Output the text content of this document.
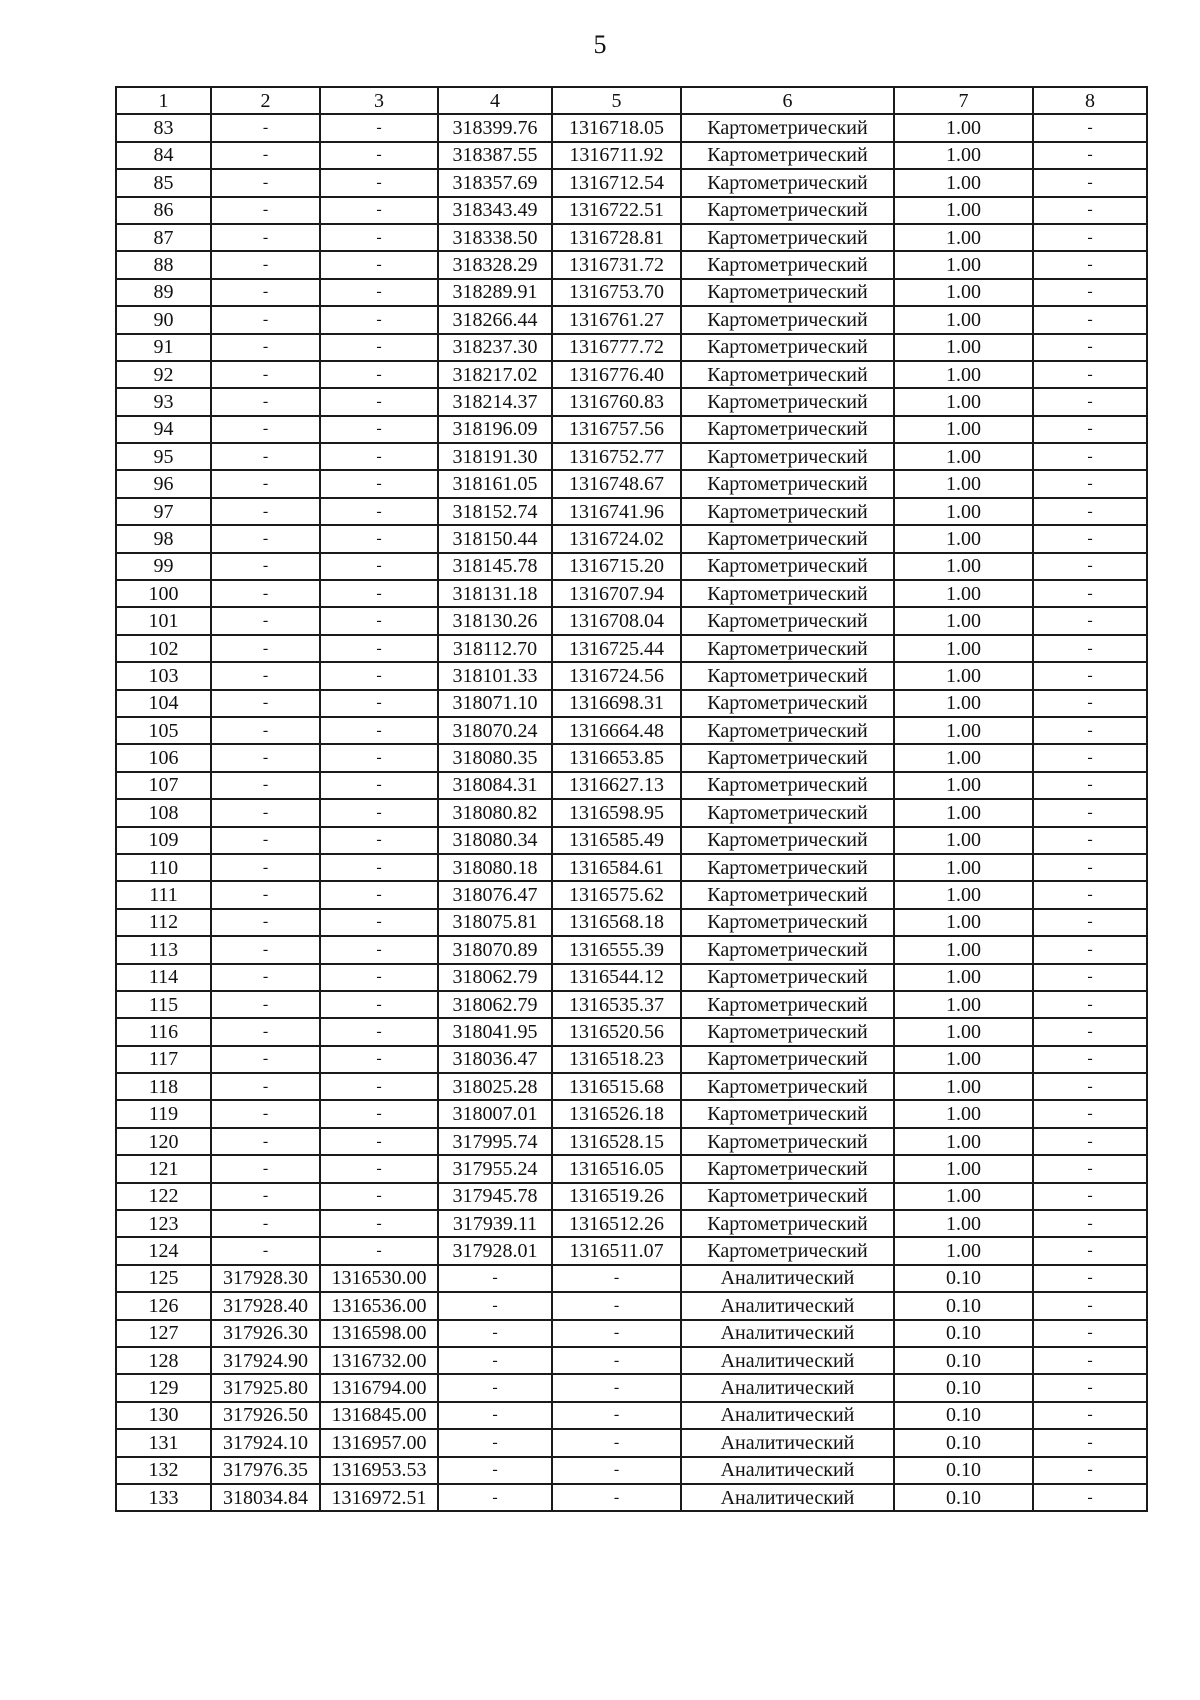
5
1	2	3	4	5	6	7	8
83	-	-	318399.76	1316718.05	Картометрический	1.00	-
84	-	-	318387.55	1316711.92	Картометрический	1.00	-
85	-	-	318357.69	1316712.54	Картометрический	1.00	-
86	-	-	318343.49	1316722.51	Картометрический	1.00	-
87	-	-	318338.50	1316728.81	Картометрический	1.00	-
88	-	-	318328.29	1316731.72	Картометрический	1.00	-
89	-	-	318289.91	1316753.70	Картометрический	1.00	-
90	-	-	318266.44	1316761.27	Картометрический	1.00	-
91	-	-	318237.30	1316777.72	Картометрический	1.00	-
92	-	-	318217.02	1316776.40	Картометрический	1.00	-
93	-	-	318214.37	1316760.83	Картометрический	1.00	-
94	-	-	318196.09	1316757.56	Картометрический	1.00	-
95	-	-	318191.30	1316752.77	Картометрический	1.00	-
96	-	-	318161.05	1316748.67	Картометрический	1.00	-
97	-	-	318152.74	1316741.96	Картометрический	1.00	-
98	-	-	318150.44	1316724.02	Картометрический	1.00	-
99	-	-	318145.78	1316715.20	Картометрический	1.00	-
100	-	-	318131.18	1316707.94	Картометрический	1.00	-
101	-	-	318130.26	1316708.04	Картометрический	1.00	-
102	-	-	318112.70	1316725.44	Картометрический	1.00	-
103	-	-	318101.33	1316724.56	Картометрический	1.00	-
104	-	-	318071.10	1316698.31	Картометрический	1.00	-
105	-	-	318070.24	1316664.48	Картометрический	1.00	-
106	-	-	318080.35	1316653.85	Картометрический	1.00	-
107	-	-	318084.31	1316627.13	Картометрический	1.00	-
108	-	-	318080.82	1316598.95	Картометрический	1.00	-
109	-	-	318080.34	1316585.49	Картометрический	1.00	-
110	-	-	318080.18	1316584.61	Картометрический	1.00	-
111	-	-	318076.47	1316575.62	Картометрический	1.00	-
112	-	-	318075.81	1316568.18	Картометрический	1.00	-
113	-	-	318070.89	1316555.39	Картометрический	1.00	-
114	-	-	318062.79	1316544.12	Картометрический	1.00	-
115	-	-	318062.79	1316535.37	Картометрический	1.00	-
116	-	-	318041.95	1316520.56	Картометрический	1.00	-
117	-	-	318036.47	1316518.23	Картометрический	1.00	-
118	-	-	318025.28	1316515.68	Картометрический	1.00	-
119	-	-	318007.01	1316526.18	Картометрический	1.00	-
120	-	-	317995.74	1316528.15	Картометрический	1.00	-
121	-	-	317955.24	1316516.05	Картометрический	1.00	-
122	-	-	317945.78	1316519.26	Картометрический	1.00	-
123	-	-	317939.11	1316512.26	Картометрический	1.00	-
124	-	-	317928.01	1316511.07	Картометрический	1.00	-
125	317928.30	1316530.00	-	-	Аналитический	0.10	-
126	317928.40	1316536.00	-	-	Аналитический	0.10	-
127	317926.30	1316598.00	-	-	Аналитический	0.10	-
128	317924.90	1316732.00	-	-	Аналитический	0.10	-
129	317925.80	1316794.00	-	-	Аналитический	0.10	-
130	317926.50	1316845.00	-	-	Аналитический	0.10	-
131	317924.10	1316957.00	-	-	Аналитический	0.10	-
132	317976.35	1316953.53	-	-	Аналитический	0.10	-
133	318034.84	1316972.51	-	-	Аналитический	0.10	-
